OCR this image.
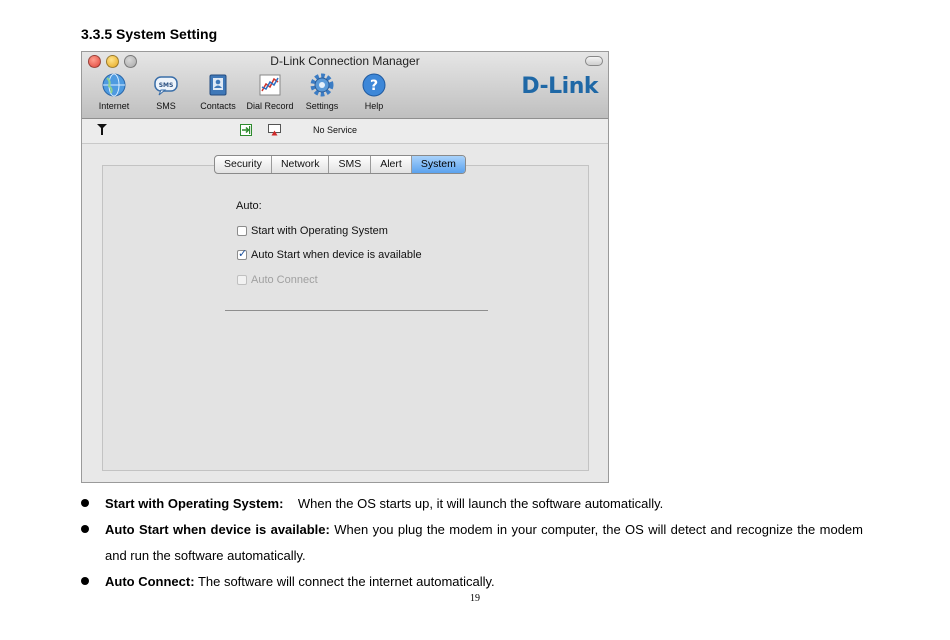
3.3.5 System Setting
D-Link Connection Manager
Internet
SMS
SMS	Contacts	Dial Record	Settings
?
Help
D-Link
No Service
Security	Network	SMS	Alert	System
Auto:
Start with Operating System
✓
Auto Start when device is available
Auto Connect
Start with Operating System: When the OS starts up, it will launch the software automatically.
Auto Start when device is available: When you plug the modem in your computer, the OS will detect and recognize the modem and run the software automatically.
Auto Connect: The software will connect the internet automatically.
19
